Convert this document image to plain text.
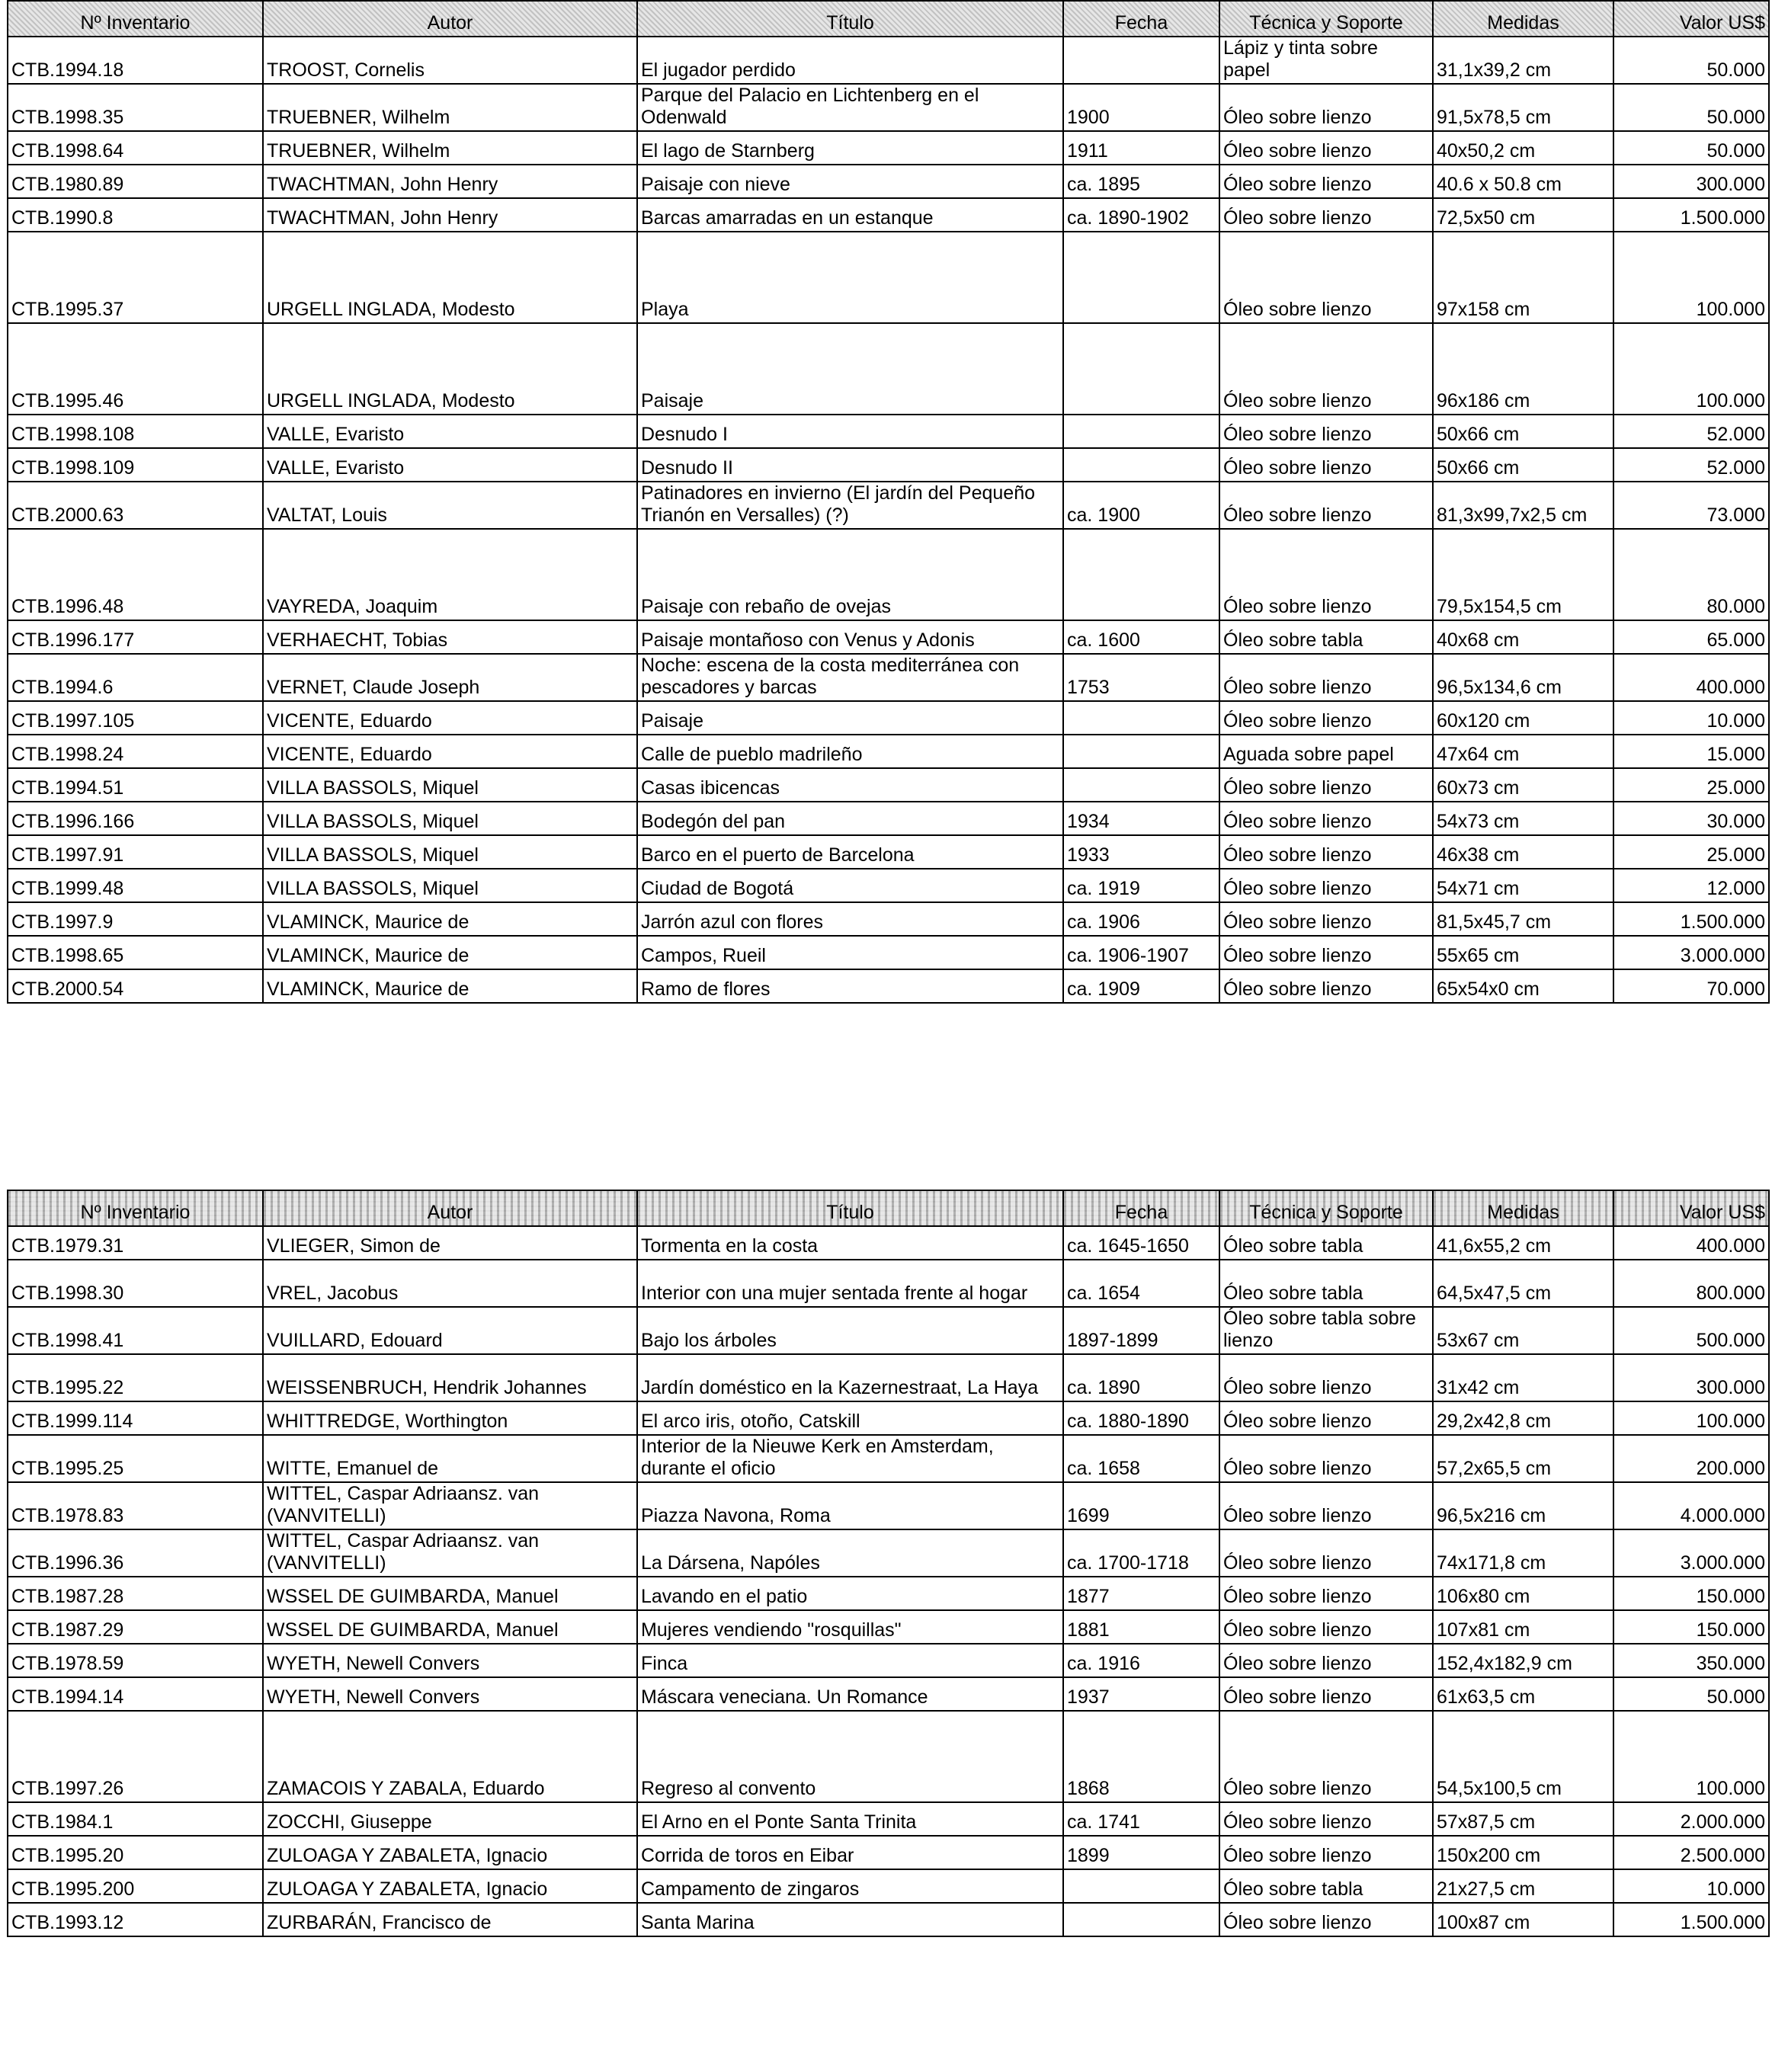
Nº Inventario	Autor	Título	Fecha	Técnica y Soporte	Medidas	Valor US$
CTB.1994.18	TROOST, Cornelis	El jugador perdido		Lápiz y tinta sobre papel	31,1x39,2 cm	50.000
CTB.1998.35	TRUEBNER, Wilhelm	Parque del Palacio en Lichtenberg en el Odenwald	1900	Óleo sobre lienzo	91,5x78,5 cm	50.000
CTB.1998.64	TRUEBNER, Wilhelm	El lago de Starnberg	1911	Óleo sobre lienzo	40x50,2 cm	50.000
CTB.1980.89	TWACHTMAN, John Henry	Paisaje con nieve	ca. 1895	Óleo sobre lienzo	40.6 x 50.8 cm	300.000
CTB.1990.8	TWACHTMAN, John Henry	Barcas amarradas en un estanque	ca. 1890-1902	Óleo sobre lienzo	72,5x50 cm	1.500.000
CTB.1995.37	URGELL INGLADA, Modesto	Playa		Óleo sobre lienzo	97x158 cm	100.000
CTB.1995.46	URGELL INGLADA, Modesto	Paisaje		Óleo sobre lienzo	96x186 cm	100.000
CTB.1998.108	VALLE, Evaristo	Desnudo I		Óleo sobre lienzo	50x66 cm	52.000
CTB.1998.109	VALLE, Evaristo	Desnudo II		Óleo sobre lienzo	50x66 cm	52.000
CTB.2000.63	VALTAT, Louis	Patinadores en invierno (El jardín del Pequeño Trianón en Versalles) (?)	ca. 1900	Óleo sobre lienzo	81,3x99,7x2,5 cm	73.000
CTB.1996.48	VAYREDA, Joaquim	Paisaje con rebaño de ovejas		Óleo sobre lienzo	79,5x154,5 cm	80.000
CTB.1996.177	VERHAECHT, Tobias	Paisaje montañoso con Venus y Adonis	ca. 1600	Óleo sobre tabla	40x68 cm	65.000
CTB.1994.6	VERNET, Claude Joseph	Noche: escena de la costa mediterránea con pescadores y barcas	1753	Óleo sobre lienzo	96,5x134,6 cm	400.000
CTB.1997.105	VICENTE, Eduardo	Paisaje		Óleo sobre lienzo	60x120 cm	10.000
CTB.1998.24	VICENTE, Eduardo	Calle de pueblo madrileño		Aguada sobre papel	47x64 cm	15.000
CTB.1994.51	VILLA BASSOLS, Miquel	Casas ibicencas		Óleo sobre lienzo	60x73 cm	25.000
CTB.1996.166	VILLA BASSOLS, Miquel	Bodegón del pan	1934	Óleo sobre lienzo	54x73 cm	30.000
CTB.1997.91	VILLA BASSOLS, Miquel	Barco en el puerto de Barcelona	1933	Óleo sobre lienzo	46x38 cm	25.000
CTB.1999.48	VILLA BASSOLS, Miquel	Ciudad de Bogotá	ca. 1919	Óleo sobre lienzo	54x71 cm	12.000
CTB.1997.9	VLAMINCK, Maurice de	Jarrón azul con flores	ca. 1906	Óleo sobre lienzo	81,5x45,7 cm	1.500.000
CTB.1998.65	VLAMINCK, Maurice de	Campos, Rueil	ca. 1906-1907	Óleo sobre lienzo	55x65 cm	3.000.000
CTB.2000.54	VLAMINCK, Maurice de	Ramo de flores	ca. 1909	Óleo sobre lienzo	65x54x0 cm	70.000
Nº Inventario	Autor	Título	Fecha	Técnica y Soporte	Medidas	Valor US$
CTB.1979.31	VLIEGER, Simon de	Tormenta en la costa	ca. 1645-1650	Óleo sobre tabla	41,6x55,2 cm	400.000
CTB.1998.30	VREL, Jacobus	Interior con una mujer sentada frente al hogar	ca. 1654	Óleo sobre tabla	64,5x47,5 cm	800.000
CTB.1998.41	VUILLARD, Edouard	Bajo los árboles	1897-1899	Óleo sobre tabla sobre lienzo	53x67 cm	500.000
CTB.1995.22	WEISSENBRUCH, Hendrik Johannes	Jardín doméstico en la Kazernestraat, La Haya	ca. 1890	Óleo sobre lienzo	31x42 cm	300.000
CTB.1999.114	WHITTREDGE, Worthington	El arco iris, otoño, Catskill	ca. 1880-1890	Óleo sobre lienzo	29,2x42,8 cm	100.000
CTB.1995.25	WITTE, Emanuel de	Interior de la Nieuwe Kerk en Amsterdam, durante el oficio	ca. 1658	Óleo sobre lienzo	57,2x65,5 cm	200.000
CTB.1978.83	WITTEL, Caspar Adriaansz. van (VANVITELLI)	Piazza Navona, Roma	1699	Óleo sobre lienzo	96,5x216 cm	4.000.000
CTB.1996.36	WITTEL, Caspar Adriaansz. van (VANVITELLI)	La Dársena, Napóles	ca. 1700-1718	Óleo sobre lienzo	74x171,8 cm	3.000.000
CTB.1987.28	WSSEL DE GUIMBARDA, Manuel	Lavando en el patio	1877	Óleo sobre lienzo	106x80 cm	150.000
CTB.1987.29	WSSEL DE GUIMBARDA, Manuel	Mujeres vendiendo "rosquillas"	1881	Óleo sobre lienzo	107x81 cm	150.000
CTB.1978.59	WYETH, Newell Convers	Finca	ca. 1916	Óleo sobre lienzo	152,4x182,9 cm	350.000
CTB.1994.14	WYETH, Newell Convers	Máscara veneciana. Un Romance	1937	Óleo sobre lienzo	61x63,5 cm	50.000
CTB.1997.26	ZAMACOIS Y ZABALA, Eduardo	Regreso al convento	1868	Óleo sobre lienzo	54,5x100,5 cm	100.000
CTB.1984.1	ZOCCHI, Giuseppe	El Arno en el Ponte Santa Trinita	ca. 1741	Óleo sobre lienzo	57x87,5 cm	2.000.000
CTB.1995.20	ZULOAGA Y ZABALETA, Ignacio	Corrida de toros en Eibar	1899	Óleo sobre lienzo	150x200 cm	2.500.000
CTB.1995.200	ZULOAGA Y ZABALETA, Ignacio	Campamento de zingaros		Óleo sobre tabla	21x27,5 cm	10.000
CTB.1993.12	ZURBARÁN, Francisco de	Santa Marina		Óleo sobre lienzo	100x87 cm	1.500.000
